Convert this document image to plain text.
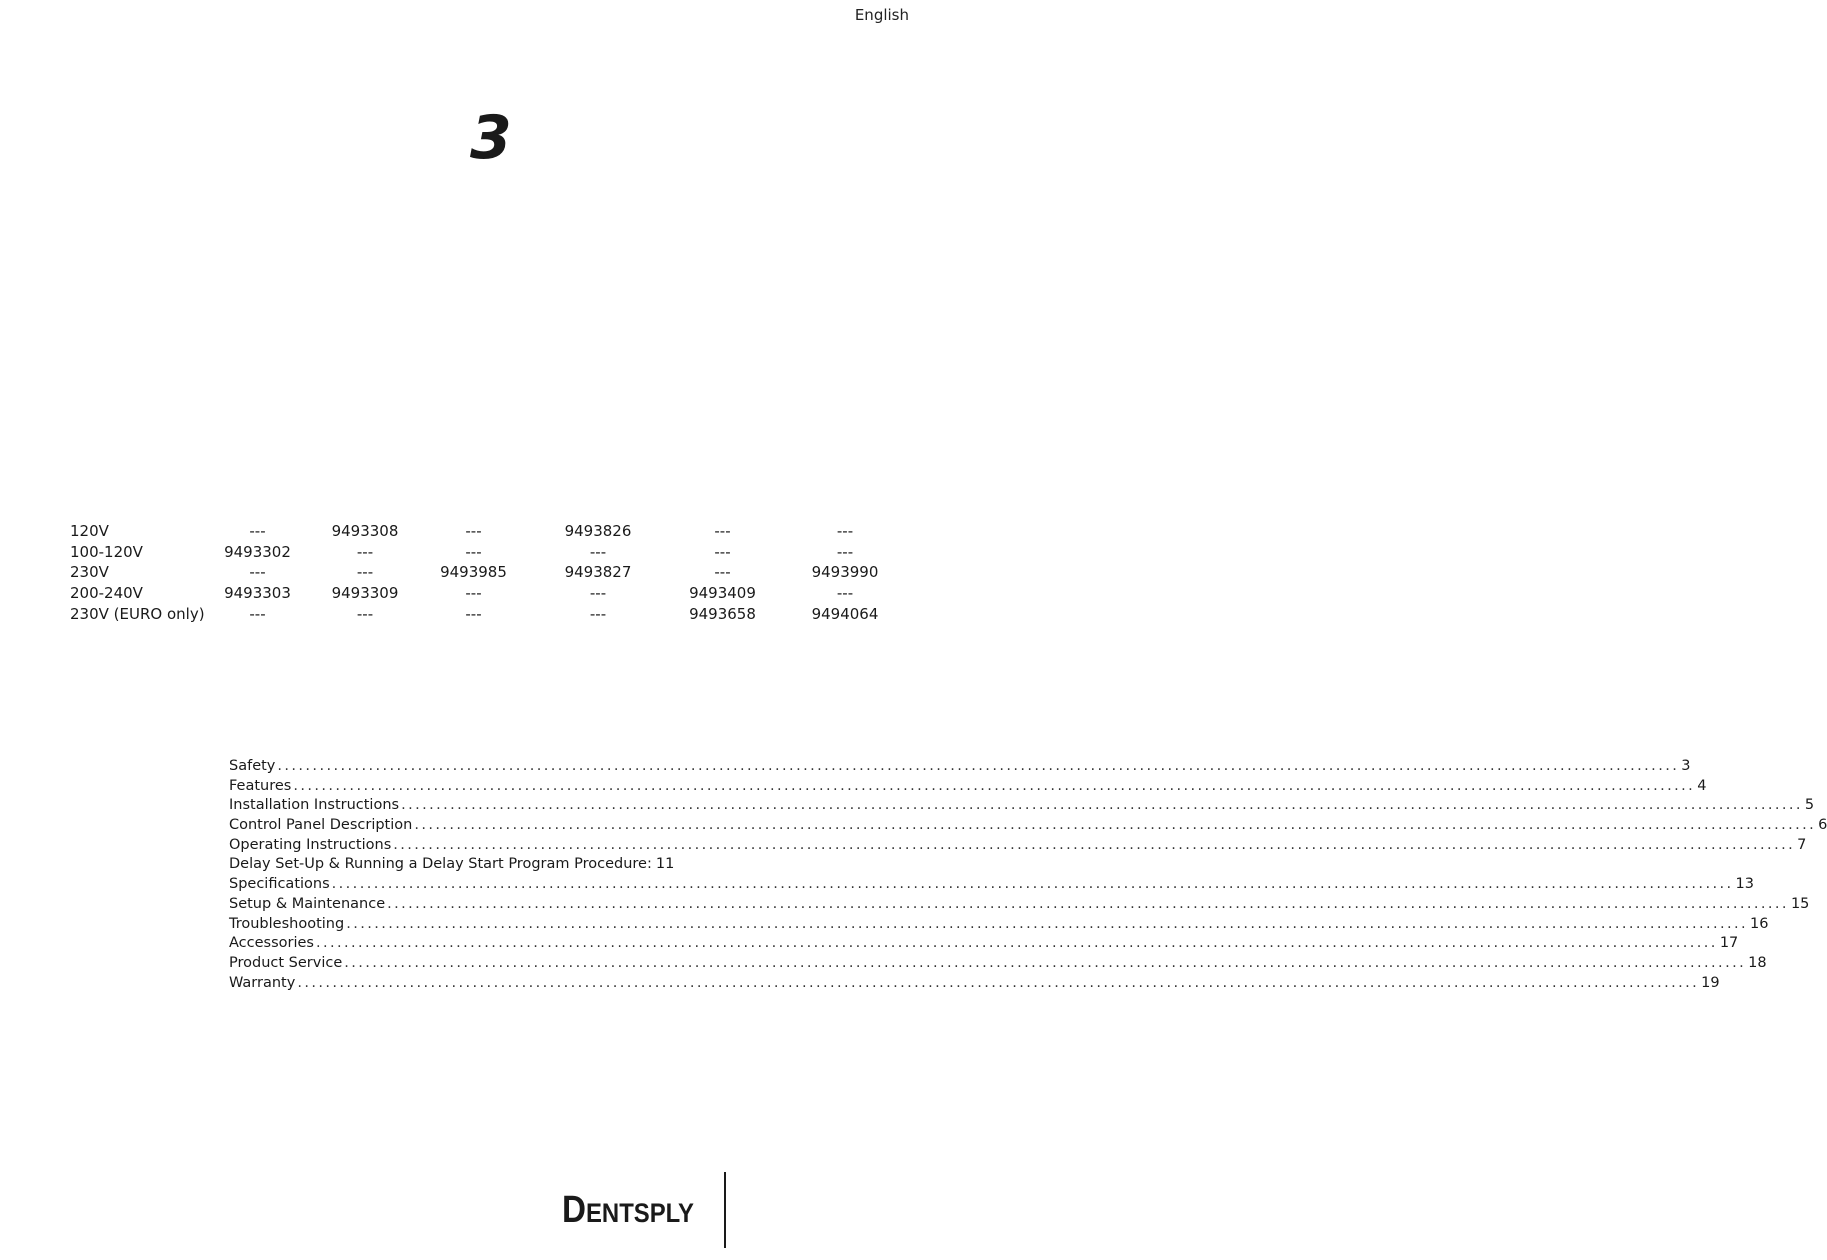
English
3
120V	---	9493308	---	9493826	---	---
100-120V	9493302	---	---	---	---	---
230V	---	---	9493985	9493827	---	9493990
200-240V	9493303	9493309	---	---	9493409	---
230V (EURO only)	---	---	---	---	9493658	9494064
Safety ........................................................................................................................................................................................................ 3
Features ........................................................................................................................................................................................................ 4
Installation Instructions ........................................................................................................................................................................................................ 5
Control Panel Description ........................................................................................................................................................................................................ 6
Operating Instructions ........................................................................................................................................................................................................ 7
Delay Set-Up & Running a Delay Start Program Procedure: 11
Specifications ........................................................................................................................................................................................................ 13
Setup & Maintenance ........................................................................................................................................................................................................ 15
Troubleshooting ........................................................................................................................................................................................................ 16
Accessories ........................................................................................................................................................................................................ 17
Product Service ........................................................................................................................................................................................................ 18
Warranty ........................................................................................................................................................................................................ 19
D ENTSPLY
